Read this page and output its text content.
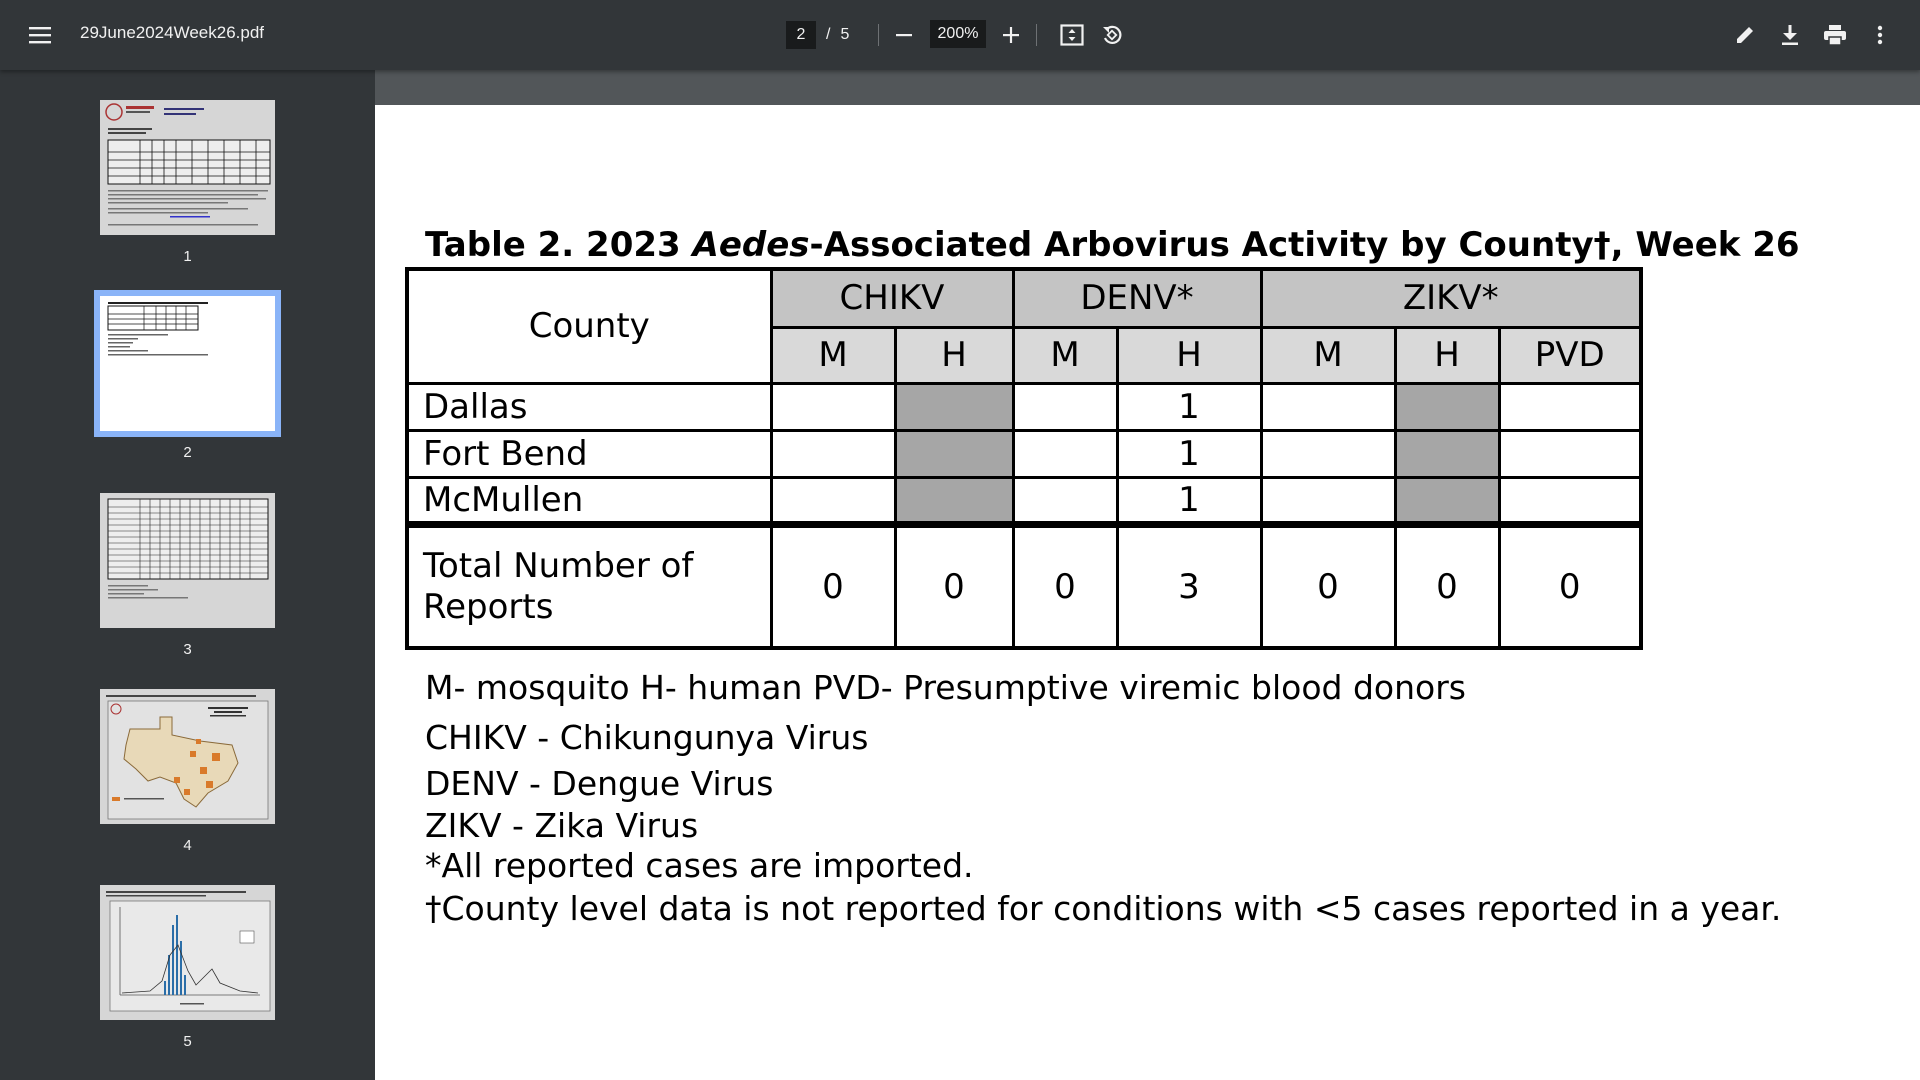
29June2024Week26.pdf
2	/ 5
200%
1
2
3
4
5
Table 2. 2023 Aedes-Associated Arbovirus Activity by County†, Week 26
County	CHIKV		DENV*		ZIKV*		
	M	H	M	H	M	H	PVD
Dallas				1			
Fort Bend				1			
McMullen				1			
Total Number of Reports	0	0	0	3	0	0	0
M- mosquito H- human PVD- Presumptive viremic blood donors
CHIKV - Chikungunya Virus
DENV - Dengue Virus
ZIKV - Zika Virus
*All reported cases are imported.
†County level data is not reported for conditions with <5 cases reported in a year.
